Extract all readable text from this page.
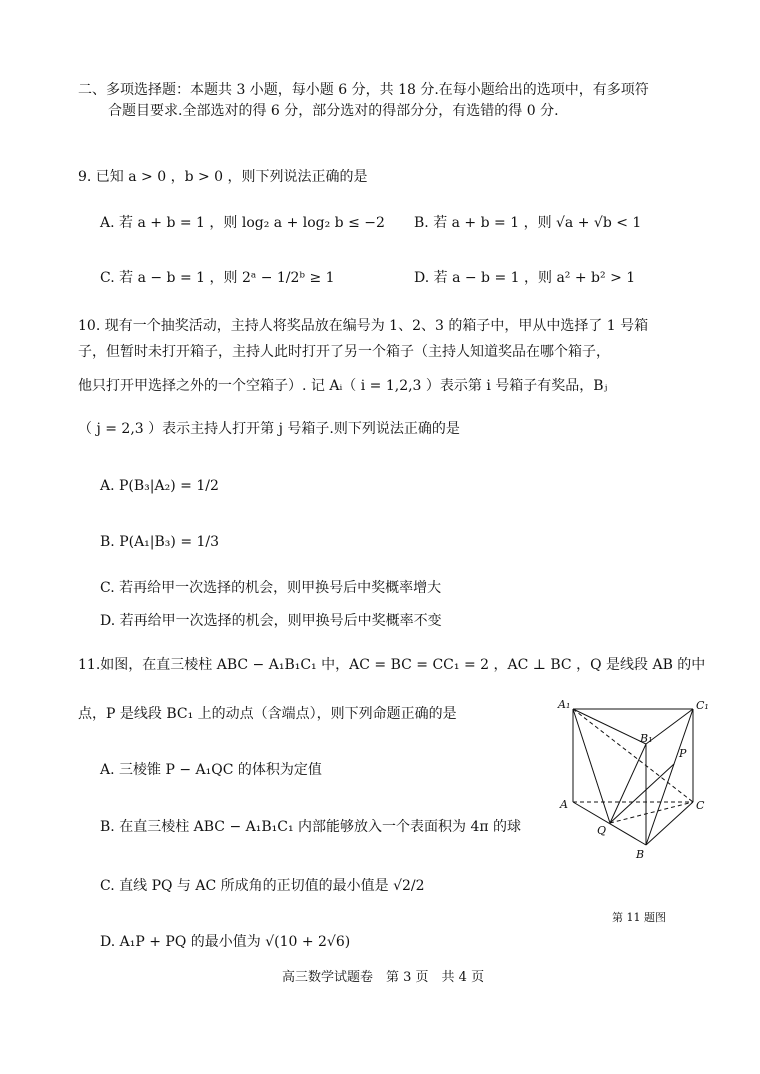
二、多项选择题：本题共 3 小题，每小题 6 分，共 18 分.在每小题给出的选项中，有多项符
合题目要求.全部选对的得 6 分，部分选对的得部分分，有选错的得 0 分.
9. 已知 a > 0 ，b > 0 ，则下列说法正确的是
A. 若 a + b = 1 ，则 log₂ a + log₂ b ≤ −2 B. 若 a + b = 1 ，则 √a + √b < 1
C. 若 a − b = 1 ，则 2ᵃ − 1/2ᵇ ≥ 1	D. 若 a − b = 1 ，则 a² + b² > 1
10. 现有一个抽奖活动，主持人将奖品放在编号为 1、2、3 的箱子中，甲从中选择了 1 号箱
子，但暂时未打开箱子，主持人此时打开了另一个箱子（主持人知道奖品在哪个箱子，
他只打开甲选择之外的一个空箱子）. 记 Aᵢ（ i = 1,2,3 ）表示第 i 号箱子有奖品，Bⱼ
（ j = 2,3 ）表示主持人打开第 j 号箱子.则下列说法正确的是
A. P(B₃|A₂) = 1/2
B. P(A₁|B₃) = 1/3
C. 若再给甲一次选择的机会，则甲换号后中奖概率增大
D. 若再给甲一次选择的机会，则甲换号后中奖概率不变
11.如图，在直三棱柱 ABC − A₁B₁C₁ 中，AC = BC = CC₁ = 2 ，AC ⊥ BC ，Q 是线段 AB 的中
点，P 是线段 BC₁ 上的动点（含端点），则下列命题正确的是
A. 三棱锥 P − A₁QC 的体积为定值
B. 在直三棱柱 ABC − A₁B₁C₁ 内部能够放入一个表面积为 4π 的球
C. 直线 PQ 与 AC 所成角的正切值的最小值是 √2/2
D. A₁P + PQ 的最小值为 √(10 + 2√6)
A₁	C₁
B₁
P
A	C
Q
B
第 11 题图
高三数学试题卷　第 3 页　共 4 页
